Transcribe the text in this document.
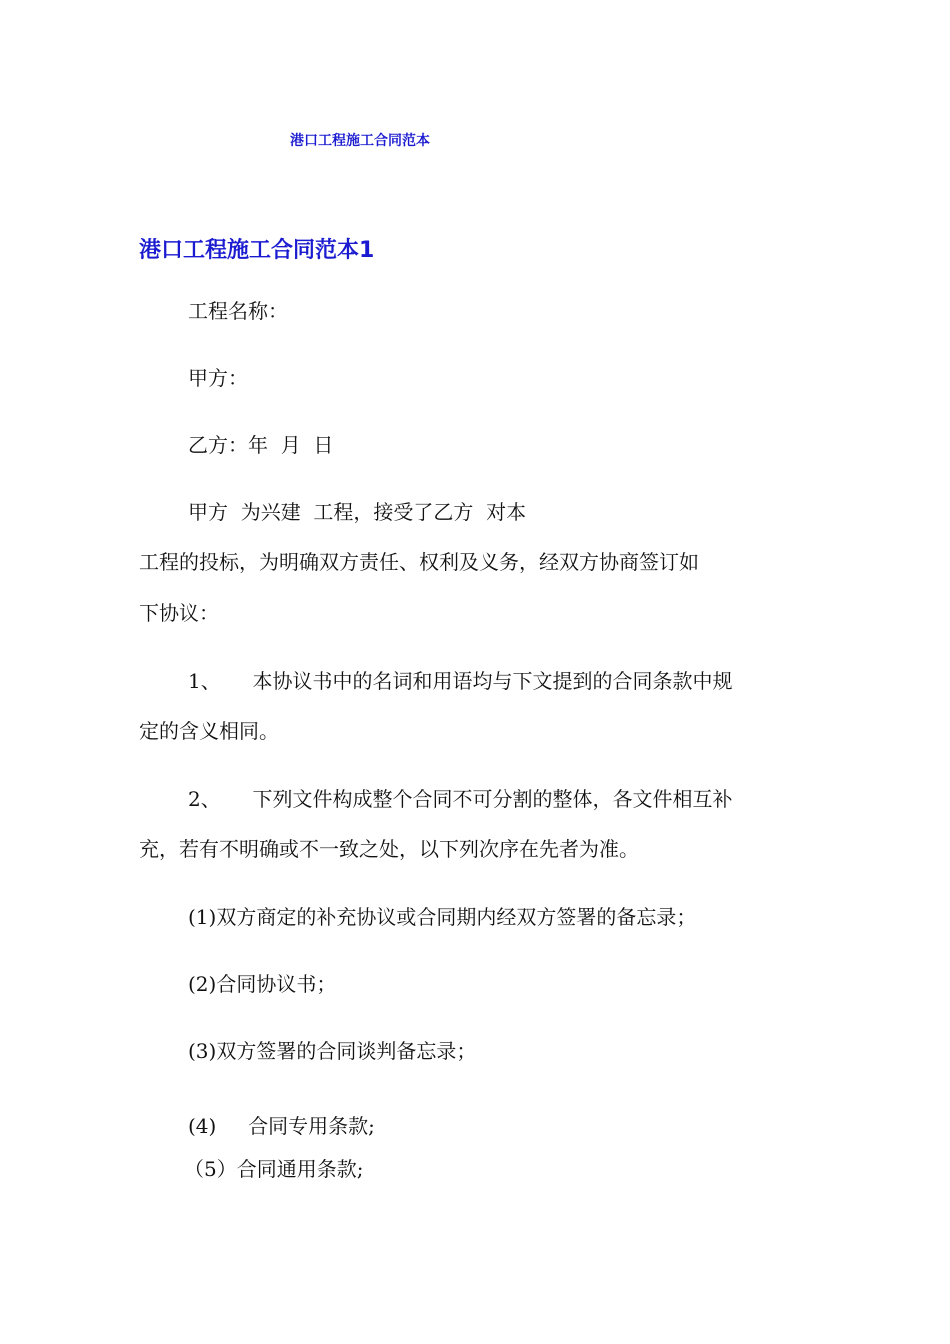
港口工程施工合同范本
港口工程施工合同范本1
工程名称：
甲方：
乙方：年  月  日
甲方  为兴建  工程，接受了乙方  对本
工程的投标，为明确双方责任、权利及义务，经双方协商签订如
下协议：
1、     本协议书中的名词和用语均与下文提到的合同条款中规
定的含义相同。
2、     下列文件构成整个合同不可分割的整体，各文件相互补
充，若有不明确或不一致之处，以下列次序在先者为准。
(1)双方商定的补充协议或合同期内经双方签署的备忘录；
(2)合同协议书；
(3)双方签署的合同谈判备忘录；
(4)     合同专用条款;
（5）合同通用条款;
